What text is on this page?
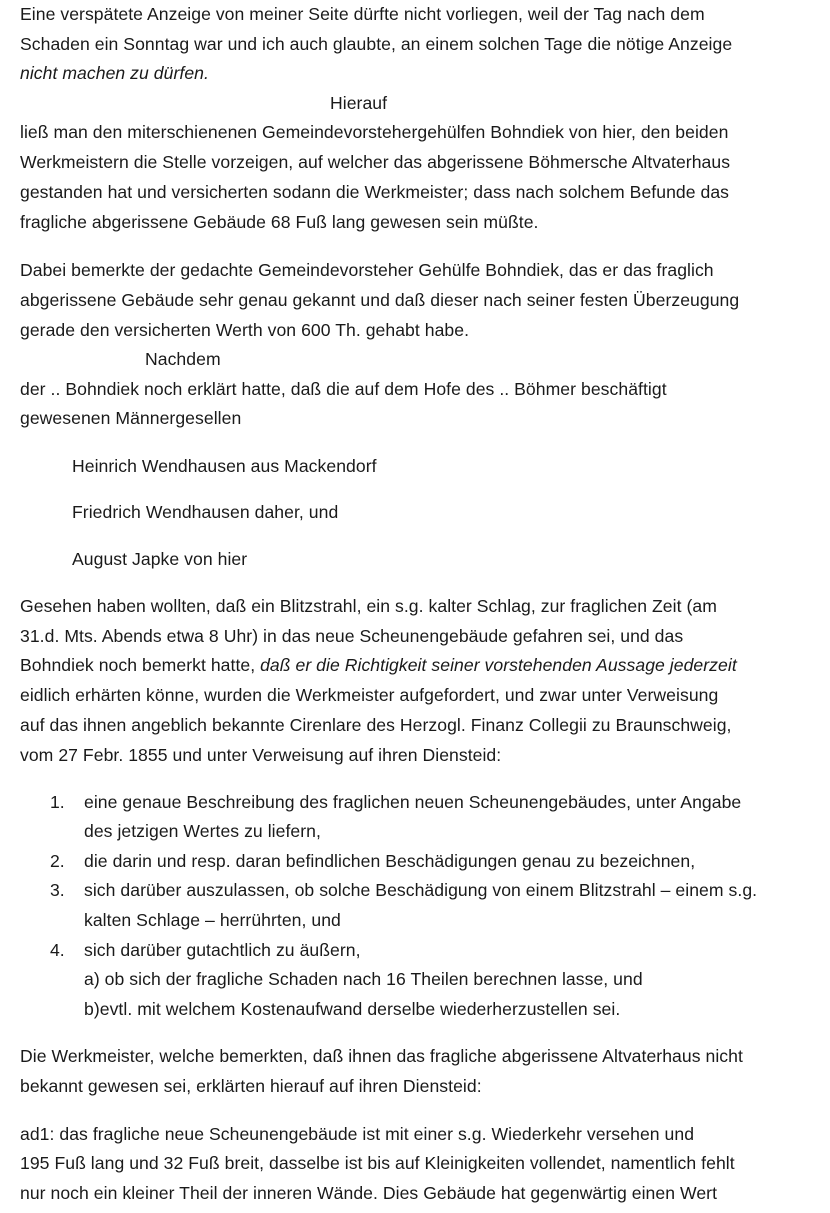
Eine verspätete Anzeige von meiner Seite dürfte nicht vorliegen, weil der Tag nach dem
Schaden ein Sonntag war und ich auch glaubte, an einem solchen Tage die nötige Anzeige
nicht machen zu dürfen.
Hierauf
ließ man den miterschienenen Gemeindevorstehergehülfen Bohndiek von hier, den beiden
Werkmeistern die Stelle vorzeigen, auf welcher das abgerissene Böhmersche Altvaterhaus
gestanden hat und versicherten sodann die Werkmeister; dass nach solchem Befunde das
fragliche abgerissene Gebäude 68 Fuß lang gewesen sein müßte.
Dabei bemerkte der gedachte Gemeindevorsteher Gehülfe Bohndiek, das er das fraglich
abgerissene Gebäude sehr genau gekannt und daß dieser nach seiner festen Überzeugung
gerade den versicherten Werth von 600 Th. gehabt habe.
Nachdem
der .. Bohndiek noch erklärt hatte, daß die auf dem Hofe des .. Böhmer beschäftigt
gewesenen Männergesellen
Heinrich Wendhausen aus Mackendorf
Friedrich Wendhausen daher, und
August Japke von hier
Gesehen haben wollten, daß ein Blitzstrahl, ein s.g. kalter Schlag, zur fraglichen Zeit (am
31.d. Mts. Abends etwa 8 Uhr) in das neue Scheunengebäude gefahren sei, und das
Bohndiek noch bemerkt hatte, daß er die Richtigkeit seiner vorstehenden Aussage jederzeit
eidlich erhärten könne, wurden die Werkmeister aufgefordert, und zwar unter Verweisung
auf das ihnen angeblich bekannte Cirenlare des Herzogl. Finanz Collegii zu Braunschweig,
vom 27 Febr. 1855 und unter Verweisung auf ihren Diensteid:
1. eine genaue Beschreibung des fraglichen neuen Scheunengebäudes, unter Angabe
des jetzigen Wertes zu liefern,
2. die darin und resp. daran befindlichen Beschädigungen genau zu bezeichnen,
3. sich darüber auszulassen, ob solche Beschädigung von einem Blitzstrahl – einem s.g.
kalten Schlage – herrührten, und
4. sich darüber gutachtlich zu äußern,
a) ob sich der fragliche Schaden nach 16 Theilen berechnen lasse, und
b)evtl. mit welchem Kostenaufwand derselbe wiederherzustellen sei.
Die Werkmeister, welche bemerkten, daß ihnen das fragliche abgerissene Altvaterhaus nicht
bekannt gewesen sei, erklärten hierauf auf ihren Diensteid:
ad1: das fragliche neue Scheunengebäude ist mit einer s.g. Wiederkehr versehen und
195 Fuß lang und 32 Fuß breit, dasselbe ist bis auf Kleinigkeiten vollendet, namentlich fehlt
nur noch ein kleiner Theil der inneren Wände. Dies Gebäude hat gegenwärtig einen Wert
